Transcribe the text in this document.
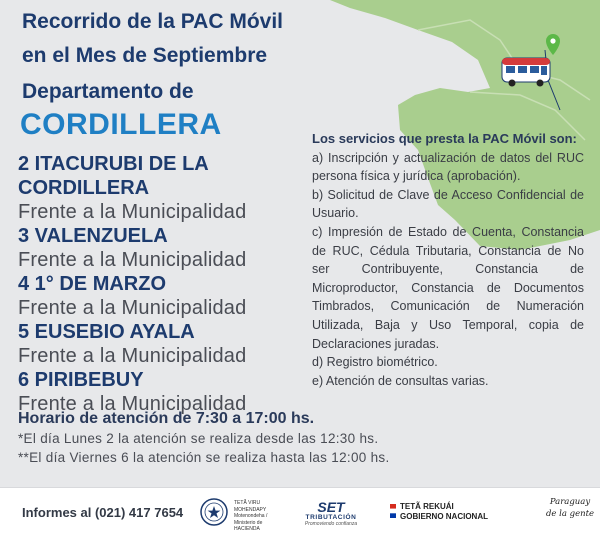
Recorrido de la PAC Móvil
en el Mes de Septiembre
Departamento de
CORDILLERA
2 ITACURUBI DE LA
CORDILLERA
Frente a la Municipalidad
3 VALENZUELA
Frente a la Municipalidad
4 1° DE MARZO
Frente a la Municipalidad
5 EUSEBIO AYALA
Frente a la Municipalidad
6 PIRIBEBUY
Frente a la Municipalidad
Horario de atención de 7:30 a 17:00 hs.
*El día Lunes 2 la atención se realiza desde las 12:30 hs.
**El día Viernes 6 la atención se realiza hasta las 12:00 hs.
Los servicios que presta la PAC Móvil son:
a) Inscripción y actualización de datos del RUC persona física y jurídica (aprobación).
b) Solicitud de Clave de Acceso Confidencial de Usuario.
c) Impresión de Estado de Cuenta, Constancia de RUC, Cédula Tributaria, Constancia de No ser Contribuyente, Constancia de Microproductor, Constancia de Documentos Timbrados, Comunicación de Numeración Utilizada, Baja y Uso Temporal, copia de Declaraciones juradas.
d) Registro biométrico.
e) Atención de consultas varias.
Informes al (021) 417 7654
TETÃ VIRU MOHENDAPY Motenondeha / Ministerio de HACIENDA
SET
TRIBUTACIÓN
Promoviendo confianza
TETÃ REKUÁI
GOBIERNO NACIONAL
Paraguay
de la gente
